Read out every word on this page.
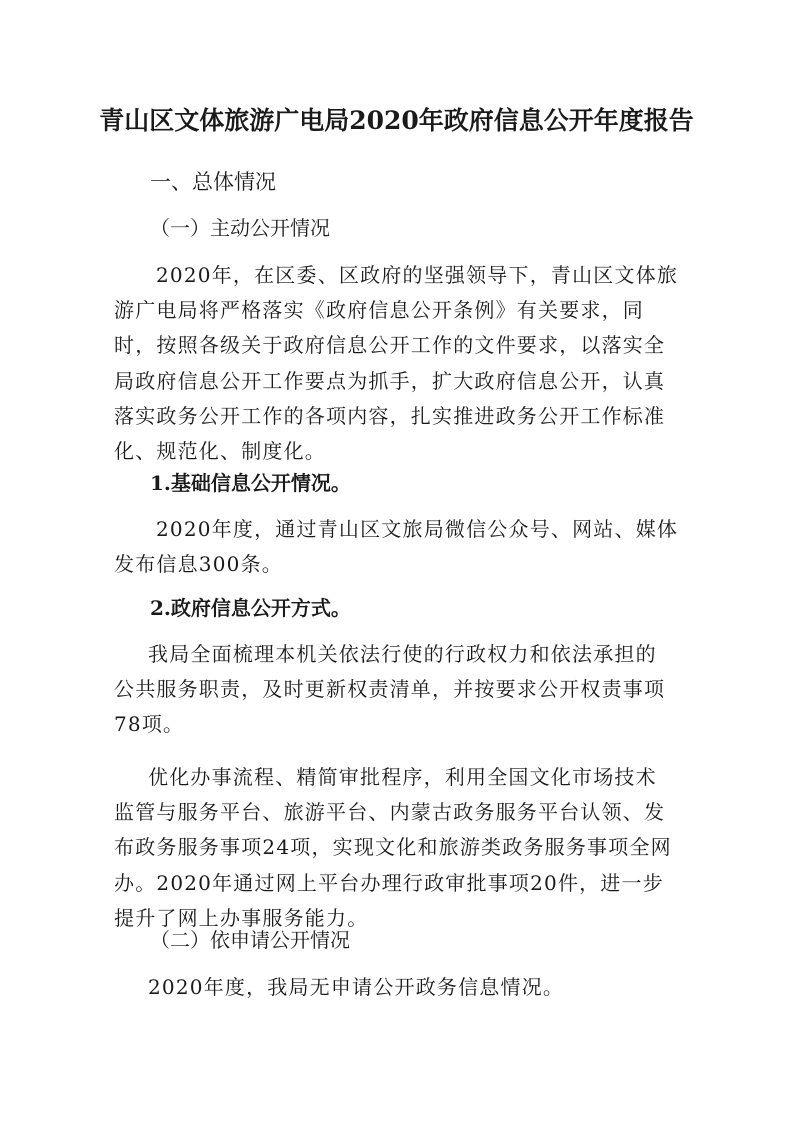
青山区文体旅游广电局2020年政府信息公开年度报告
一、总体情况
（一）主动公开情况
2020年，在区委、区政府的坚强领导下，青山区文体旅
游广电局将严格落实《政府信息公开条例》有关要求，同
时，按照各级关于政府信息公开工作的文件要求，以落实全
局政府信息公开工作要点为抓手，扩大政府信息公开，认真
落实政务公开工作的各项内容，扎实推进政务公开工作标准
化、规范化、制度化。
1.基础信息公开情况。
2020年度，通过青山区文旅局微信公众号、网站、媒体
发布信息300条。
2.政府信息公开方式。
我局全面梳理本机关依法行使的行政权力和依法承担的
公共服务职责，及时更新权责清单，并按要求公开权责事项
78项。
优化办事流程、精简审批程序，利用全国文化市场技术
监管与服务平台、旅游平台、内蒙古政务服务平台认领、发
布政务服务事项24项，实现文化和旅游类政务服务事项全网
办。2020年通过网上平台办理行政审批事项20件，进一步
提升了网上办事服务能力。
（二）依申请公开情况
2020年度，我局无申请公开政务信息情况。
